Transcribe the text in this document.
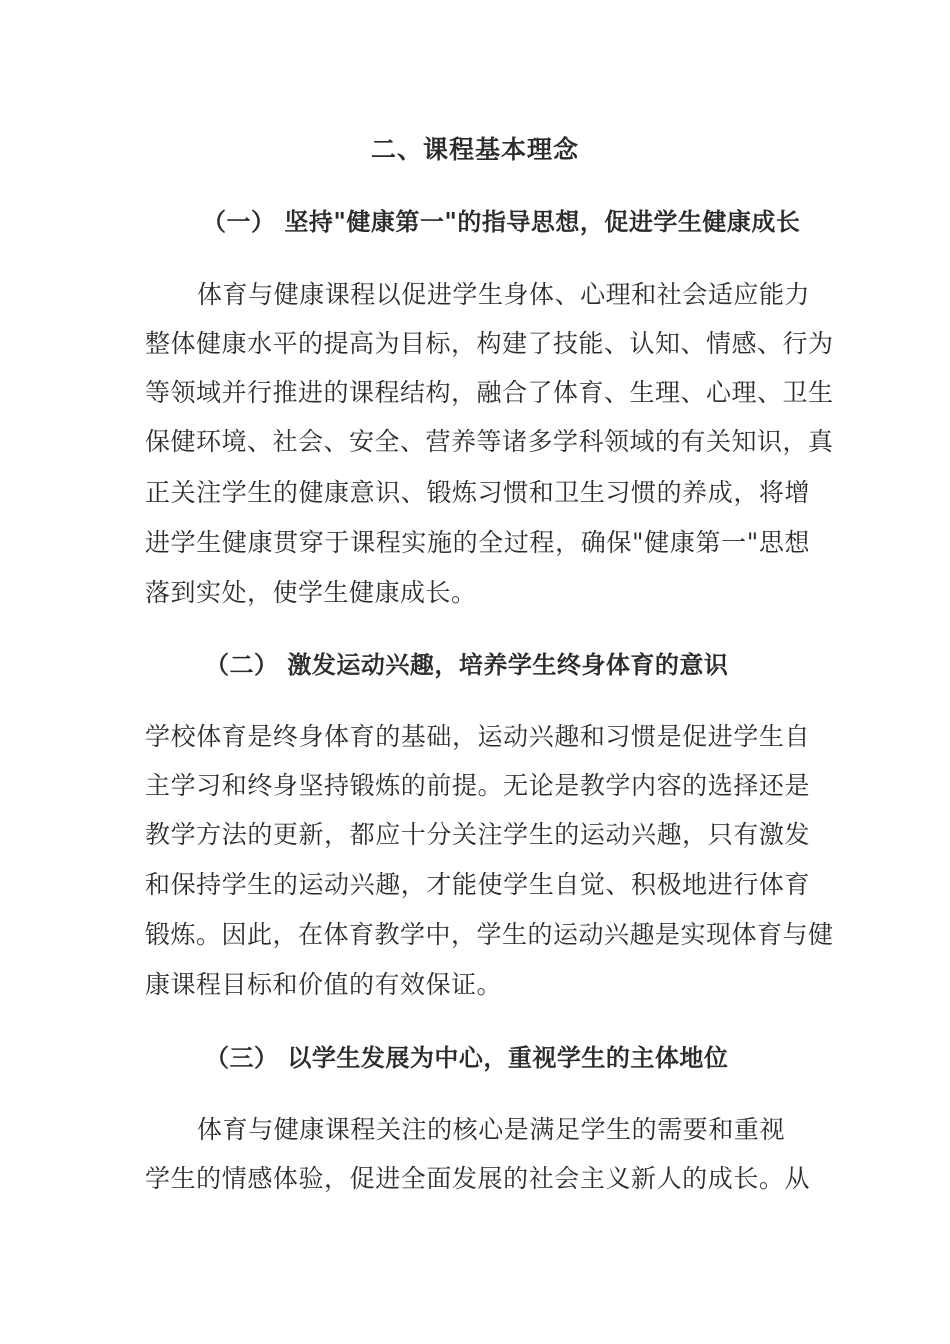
二、课程基本理念
（一） 坚持"健康第一"的指导思想，促进学生健康成长
体育与健康课程以促进学生身体、心理和社会适应能力
整体健康水平的提高为目标，构建了技能、认知、情感、行为
等领域并行推进的课程结构，融合了体育、生理、心理、卫生
保健环境、社会、安全、营养等诸多学科领域的有关知识，真
正关注学生的健康意识、锻炼习惯和卫生习惯的养成，将增
进学生健康贯穿于课程实施的全过程，确保"健康第一"思想
落到实处，使学生健康成长。
（二） 激发运动兴趣，培养学生终身体育的意识
学校体育是终身体育的基础，运动兴趣和习惯是促进学生自
主学习和终身坚持锻炼的前提。无论是教学内容的选择还是
教学方法的更新，都应十分关注学生的运动兴趣，只有激发
和保持学生的运动兴趣，才能使学生自觉、积极地进行体育
锻炼。因此，在体育教学中，学生的运动兴趣是实现体育与健
康课程目标和价值的有效保证。
（三） 以学生发展为中心，重视学生的主体地位
体育与健康课程关注的核心是满足学生的需要和重视
学生的情感体验，促进全面发展的社会主义新人的成长。从
